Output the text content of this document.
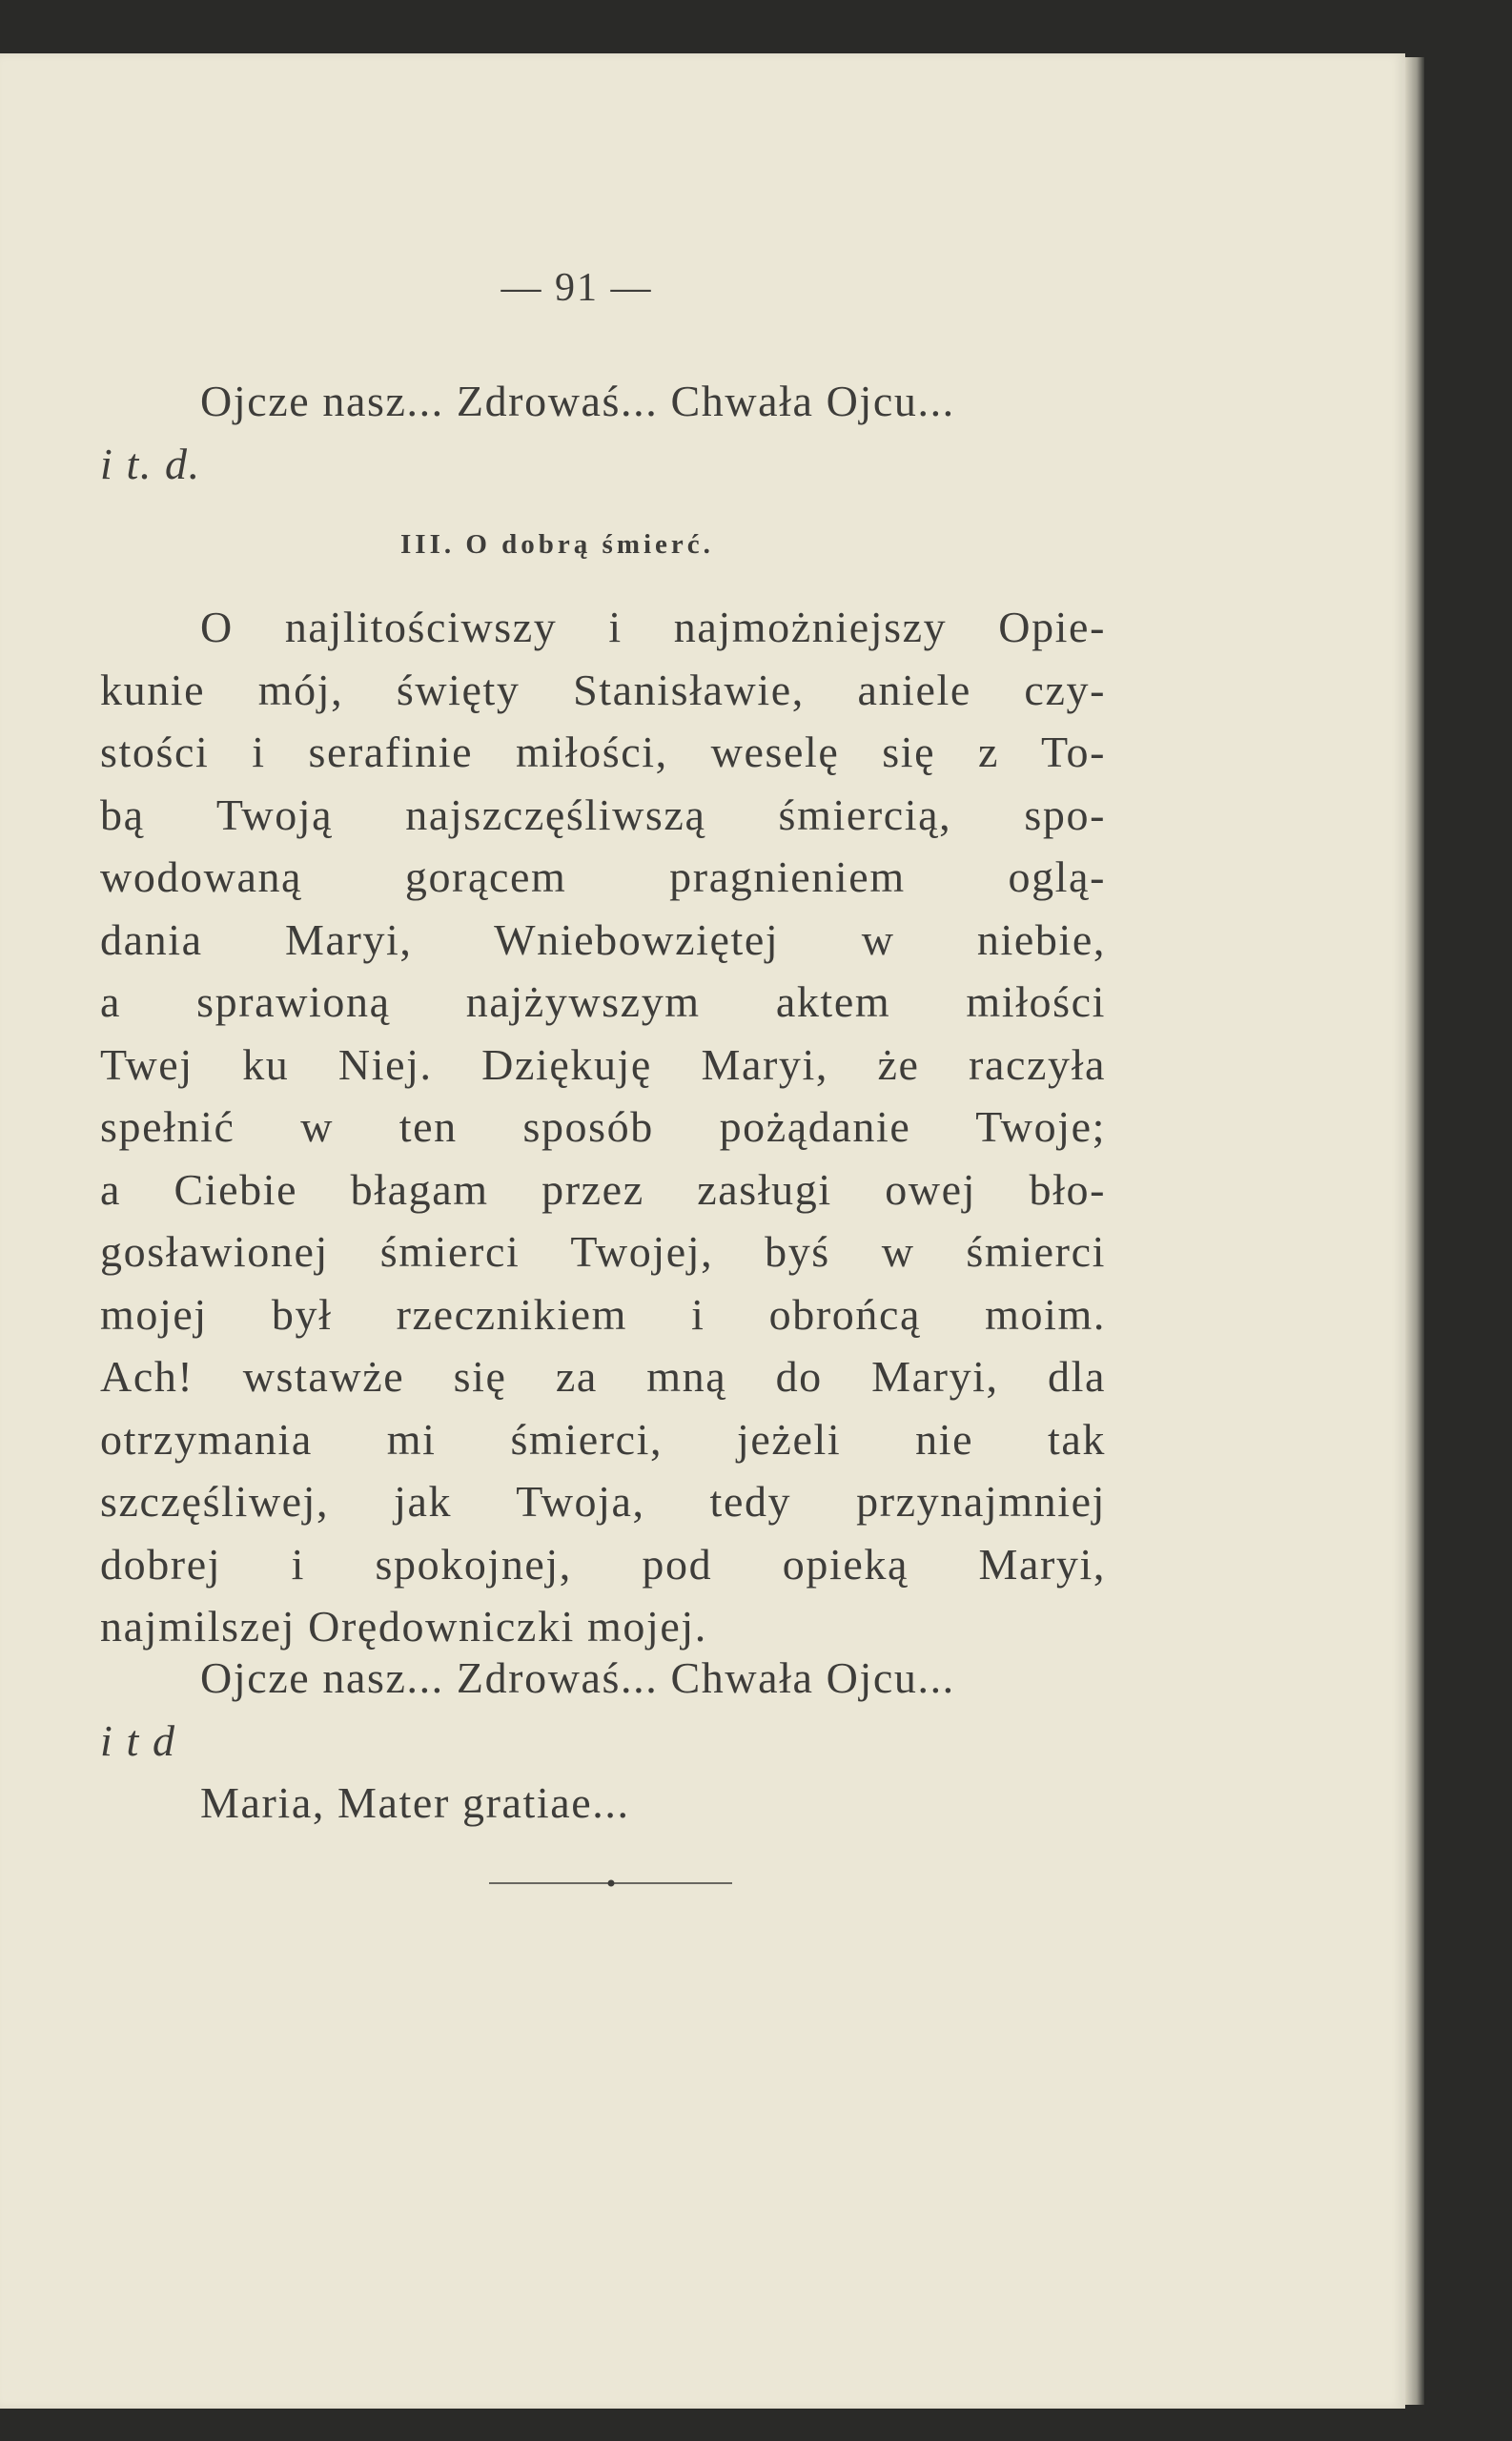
— 91 —
Ojcze nasz... Zdrowaś... Chwała Ojcu...
i t. d.
III. O dobrą śmierć.
O najlitościwszy i najmożniejszy Opie-
kunie mój, święty Stanisławie, aniele czy-
stości i serafinie miłości, weselę się z To-
bą Twoją najszczęśliwszą śmiercią, spo-
wodowaną gorącem pragnieniem oglą-
dania Maryi, Wniebowziętej w niebie,
a sprawioną najżywszym aktem miłości
Twej ku Niej. Dziękuję Maryi, że raczyła
spełnić w ten sposób pożądanie Twoje;
a Ciebie błagam przez zasługi owej bło-
gosławionej śmierci Twojej, byś w śmierci
mojej był rzecznikiem i obrońcą moim.
Ach! wstawże się za mną do Maryi, dla
otrzymania mi śmierci, jeżeli nie tak
szczęśliwej, jak Twoja, tedy przynajmniej
dobrej i spokojnej, pod opieką Maryi,
najmilszej Orędowniczki mojej.
Ojcze nasz... Zdrowaś... Chwała Ojcu...
i t d
Maria, Mater gratiae...
